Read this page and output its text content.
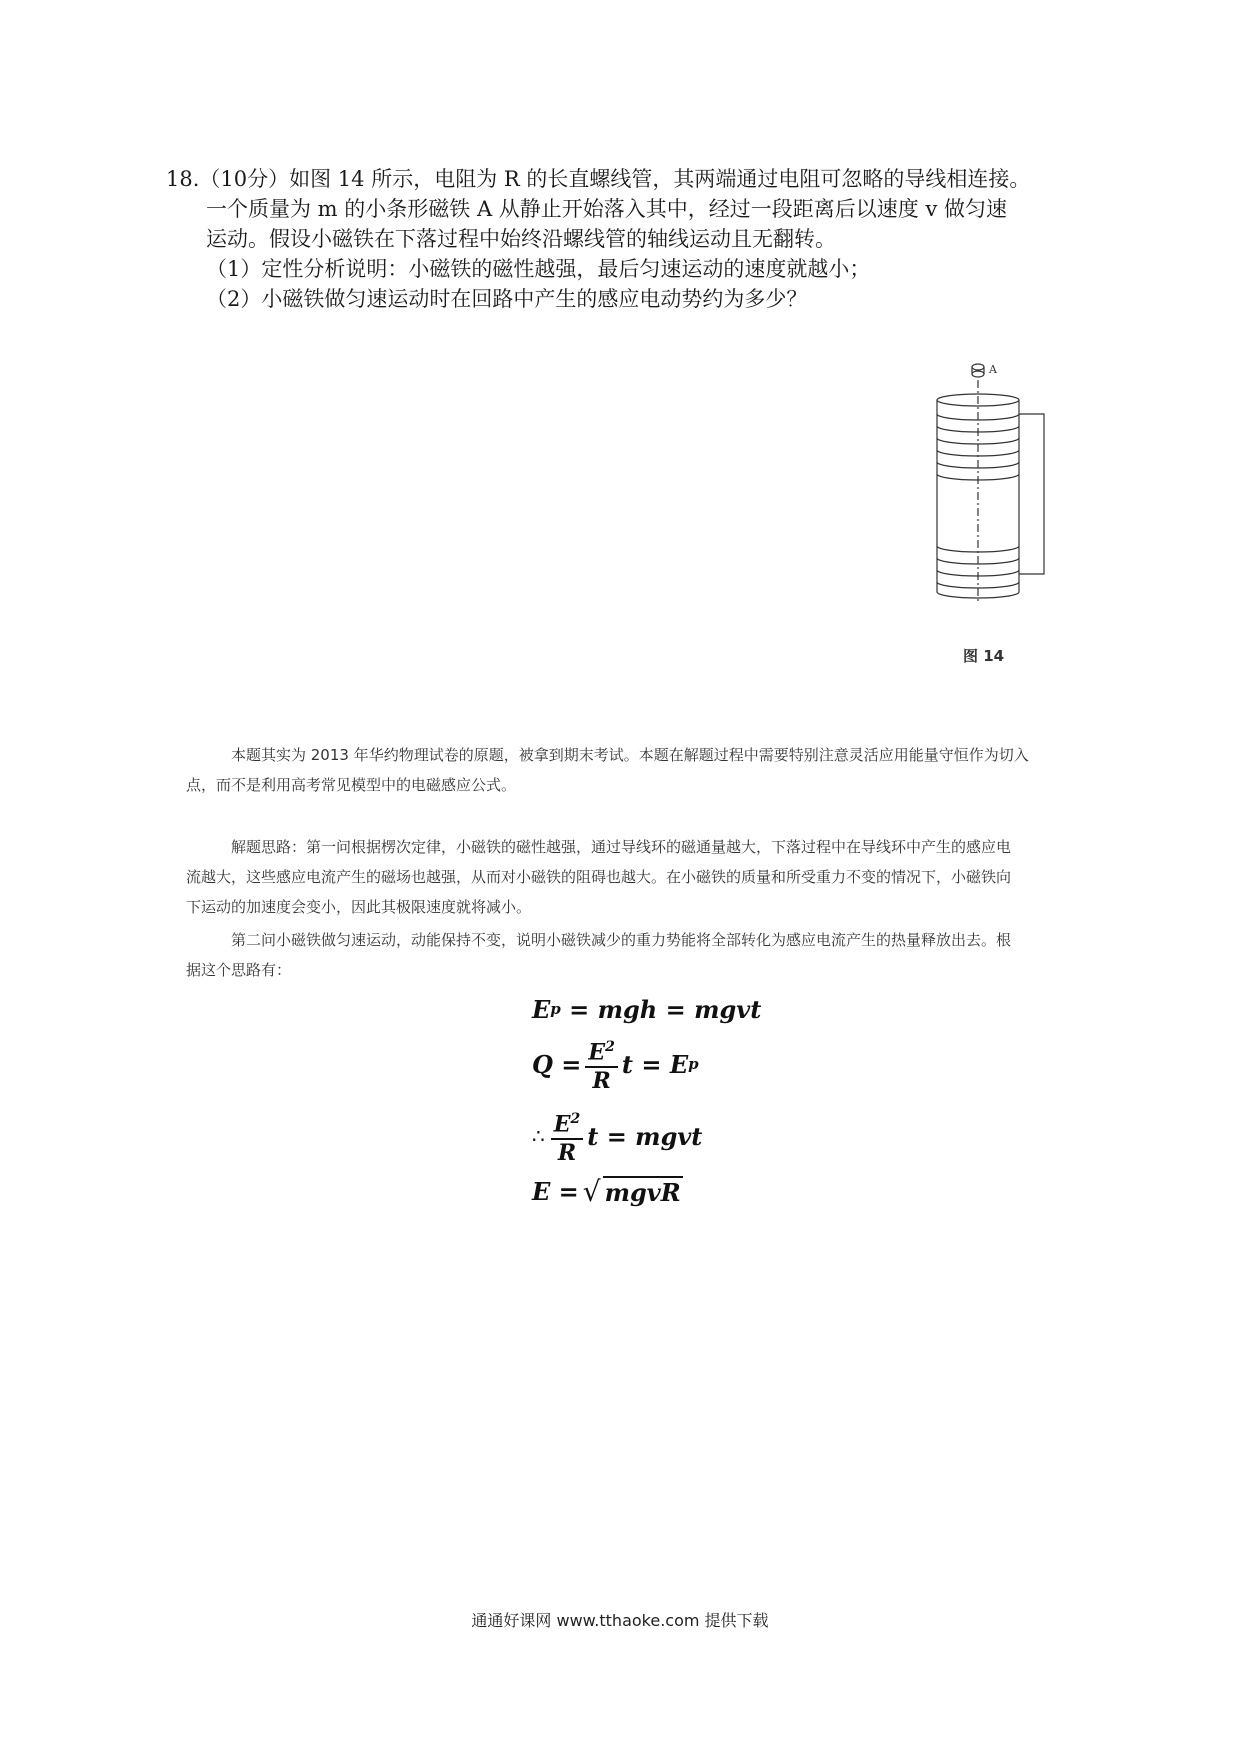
18.（10分）如图 14 所示，电阻为 R 的长直螺线管，其两端通过电阻可忽略的导线相连接。
一个质量为 m 的小条形磁铁 A 从静止开始落入其中，经过一段距离后以速度 v 做匀速
运动。假设小磁铁在下落过程中始终沿螺线管的轴线运动且无翻转。
（1）定性分析说明：小磁铁的磁性越强，最后匀速运动的速度就越小；
（2）小磁铁做匀速运动时在回路中产生的感应电动势约为多少？
A
图 14
本题其实为 2013 年华约物理试卷的原题，被拿到期末考试。本题在解题过程中需要特别注意灵活应用能量守恒作为切入
点，而不是利用高考常见模型中的电磁感应公式。
解题思路：第一问根据楞次定律，小磁铁的磁性越强，通过导线环的磁通量越大，下落过程中在导线环中产生的感应电
流越大，这些感应电流产生的磁场也越强，从而对小磁铁的阻碍也越大。在小磁铁的质量和所受重力不变的情况下，小磁铁向
下运动的加速度会变小，因此其极限速度就将减小。
第二问小磁铁做匀速运动，动能保持不变，说明小磁铁减少的重力势能将全部转化为感应电流产生的热量释放出去。根
据这个思路有：
E p
= mgh = mgvt
$Q = \frac{E^2}{R}$ t = E p
∴ $\frac{E^2}{R}$ t = mgvt
E = √ mgvR
通通好课网 www.tthaoke.com 提供下载
